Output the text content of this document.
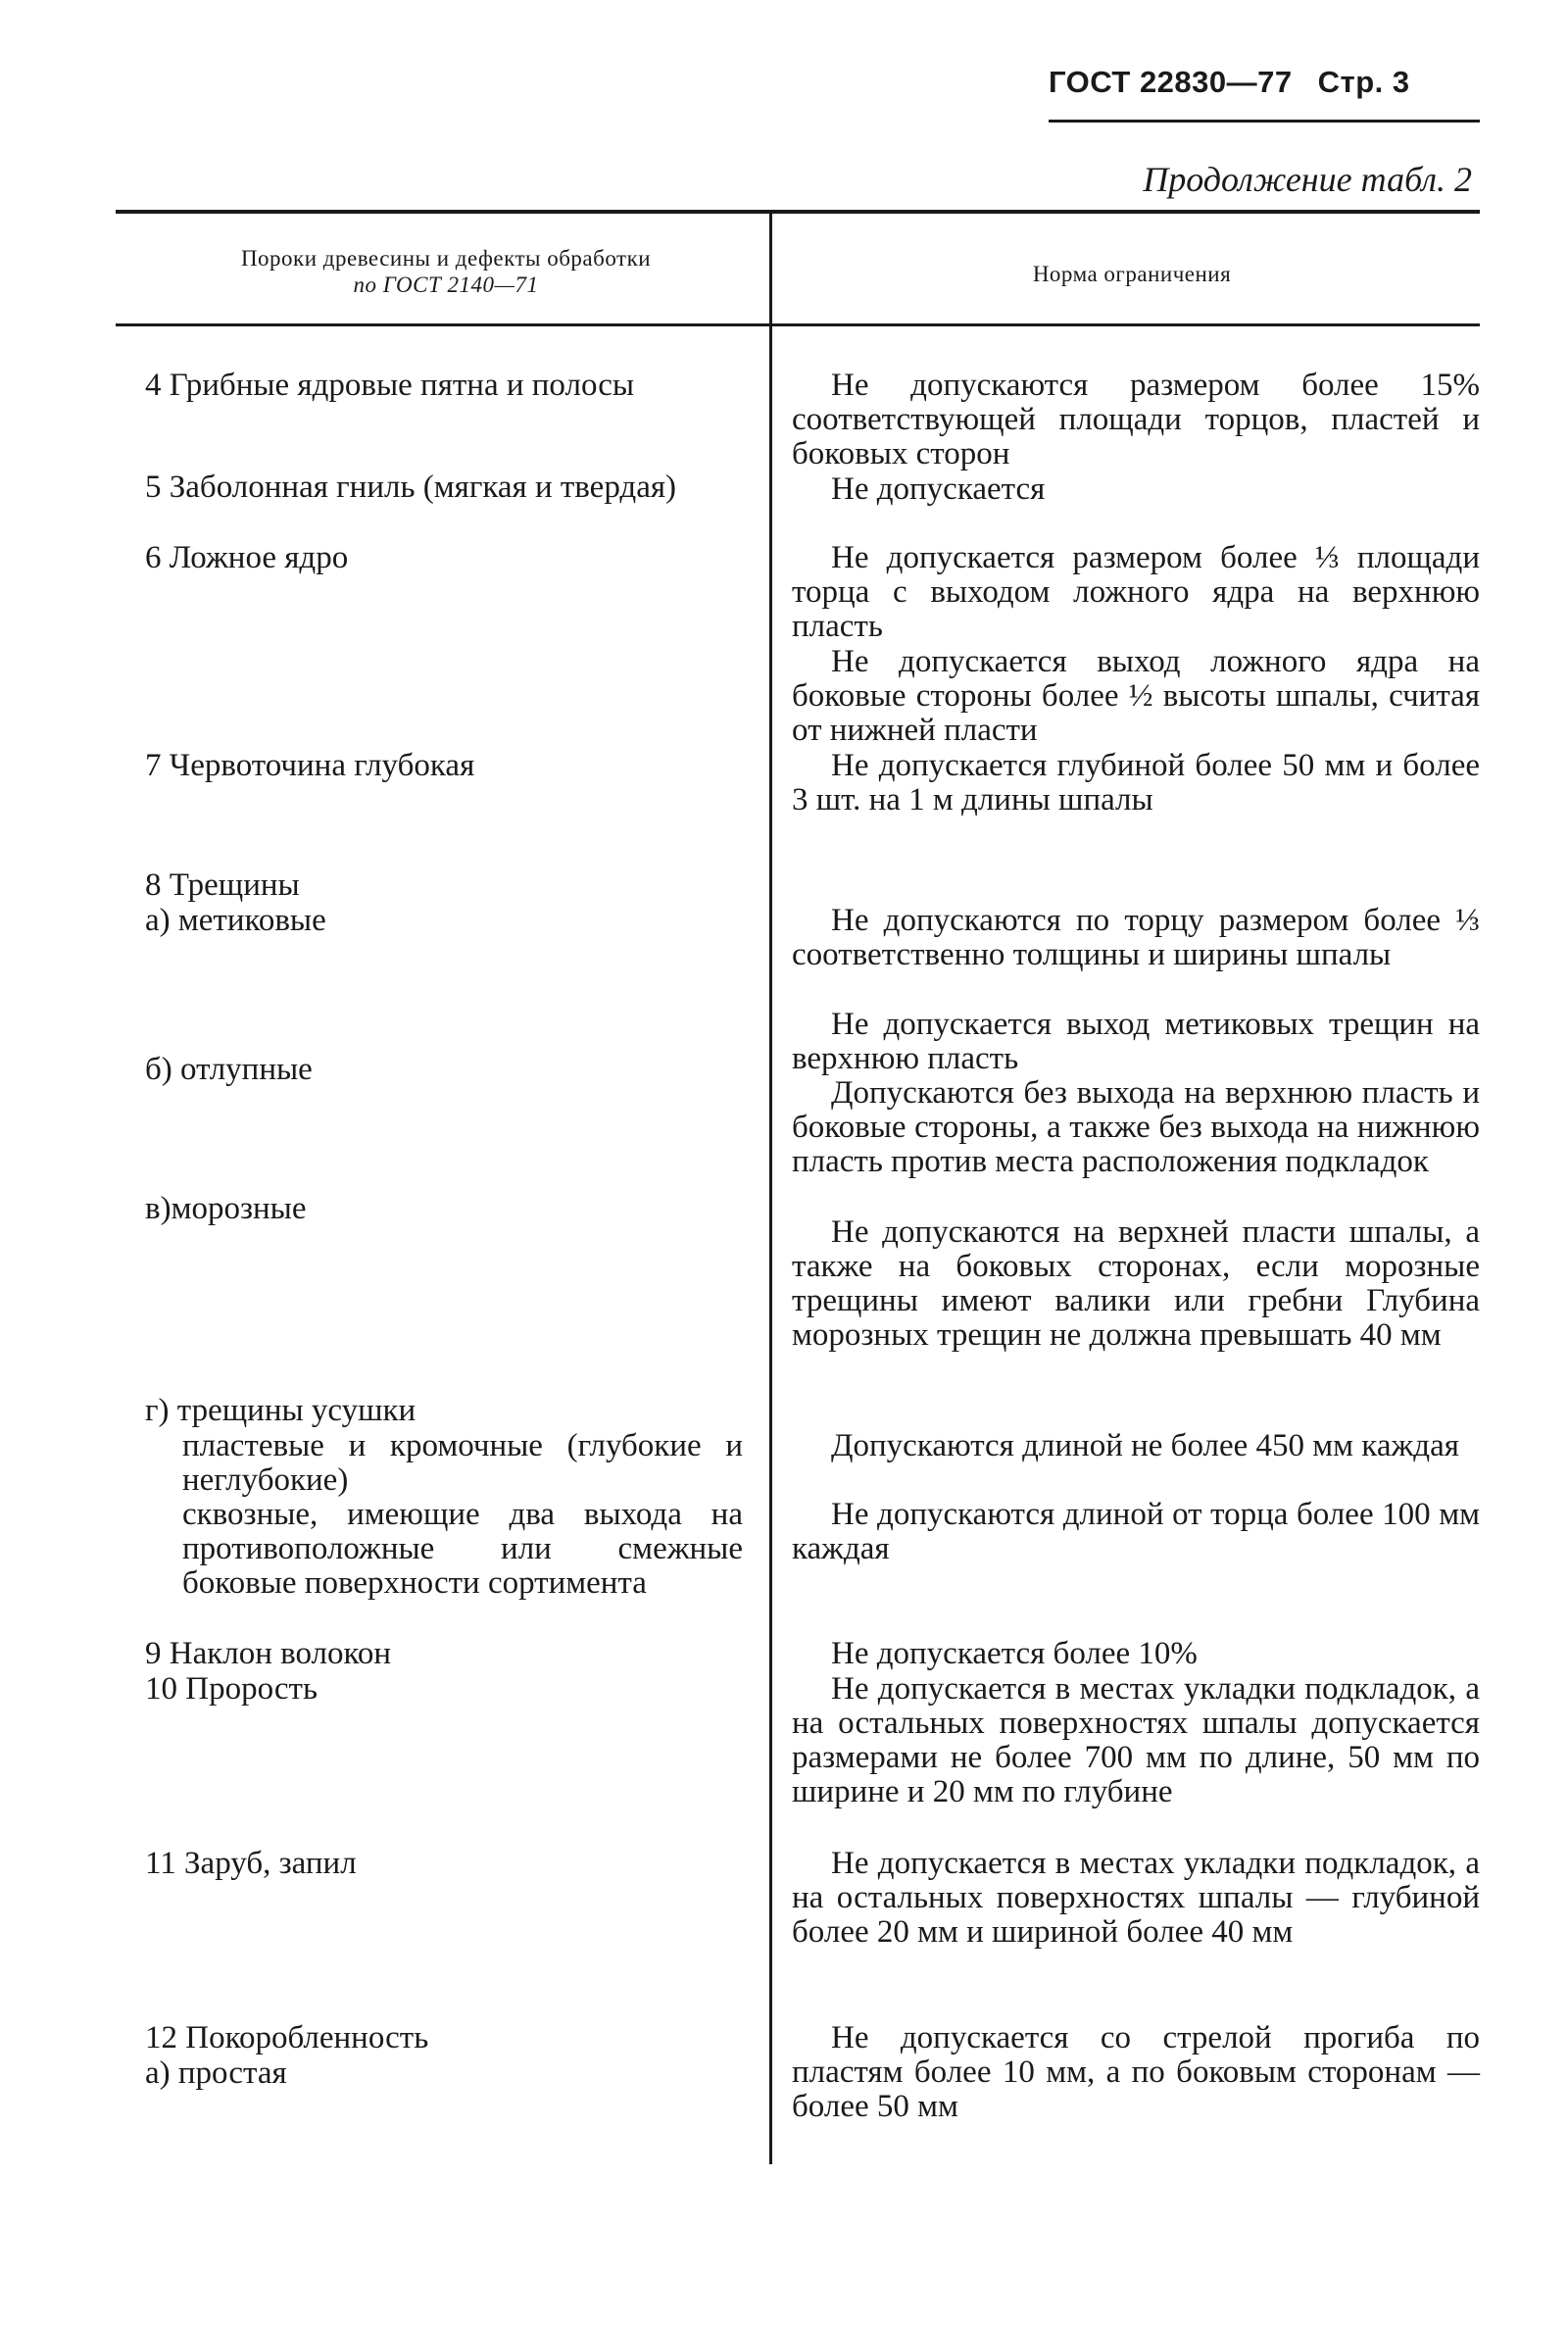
ГОСТ 22830—77 Стр. 3
Продолжение табл. 2
Пороки древесины и дефекты обработки
по ГОСТ 2140—71	Норма ограничения
4 Грибные ядровые пятна и полосы
5 Заболонная гниль (мягкая и твердая)
6 Ложное ядро
7 Червоточина глубокая
8 Трещины
а) метиковые
б) отлупные
в)морозные
г) трещины усушки
пластевые и кромочные (глубокие и неглубокие)
сквозные, имеющие два выхода на противоположные или смежные боковые поверхности сортимента
9 Наклон волокон
10 Прорость
11 Заруб, запил
12 Покоробленность
а) простая
Не допускаются размером более 15% соответствующей площади торцов, пластей и боковых сторон
Не допускается
Не допускается размером более ⅓ площади торца с выходом ложного ядра на верхнюю пласть
Не допускается выход ложного ядра на боковые стороны более ½ высоты шпалы, считая от нижней пласти
Не допускается глубиной более 50 мм и более 3 шт. на 1 м длины шпалы
Не допускаются по торцу размером более ⅓ соответственно толщины и ширины шпалы
Не допускается выход метиковых трещин на верхнюю пласть
Допускаются без выхода на верхнюю пласть и боковые стороны, а также без выхода на нижнюю пласть против места расположения подкладок
Не допускаются на верхней пласти шпалы, а также на боковых сторонах, если морозные трещины имеют валики или гребни Глубина морозных трещин не должна превышать 40 мм
Допускаются длиной не более 450 мм каждая
Не допускаются длиной от торца более 100 мм каждая
Не допускается более 10%
Не допускается в местах укладки подкладок, а на остальных поверхностях шпалы допускается размерами не более 700 мм по длине, 50 мм по ширине и 20 мм по глубине
Не допускается в местах укладки подкладок, а на остальных поверхностях шпалы — глубиной более 20 мм и шириной более 40 мм
Не допускается со стрелой прогиба по пластям более 10 мм, а по боковым сторонам — более 50 мм
